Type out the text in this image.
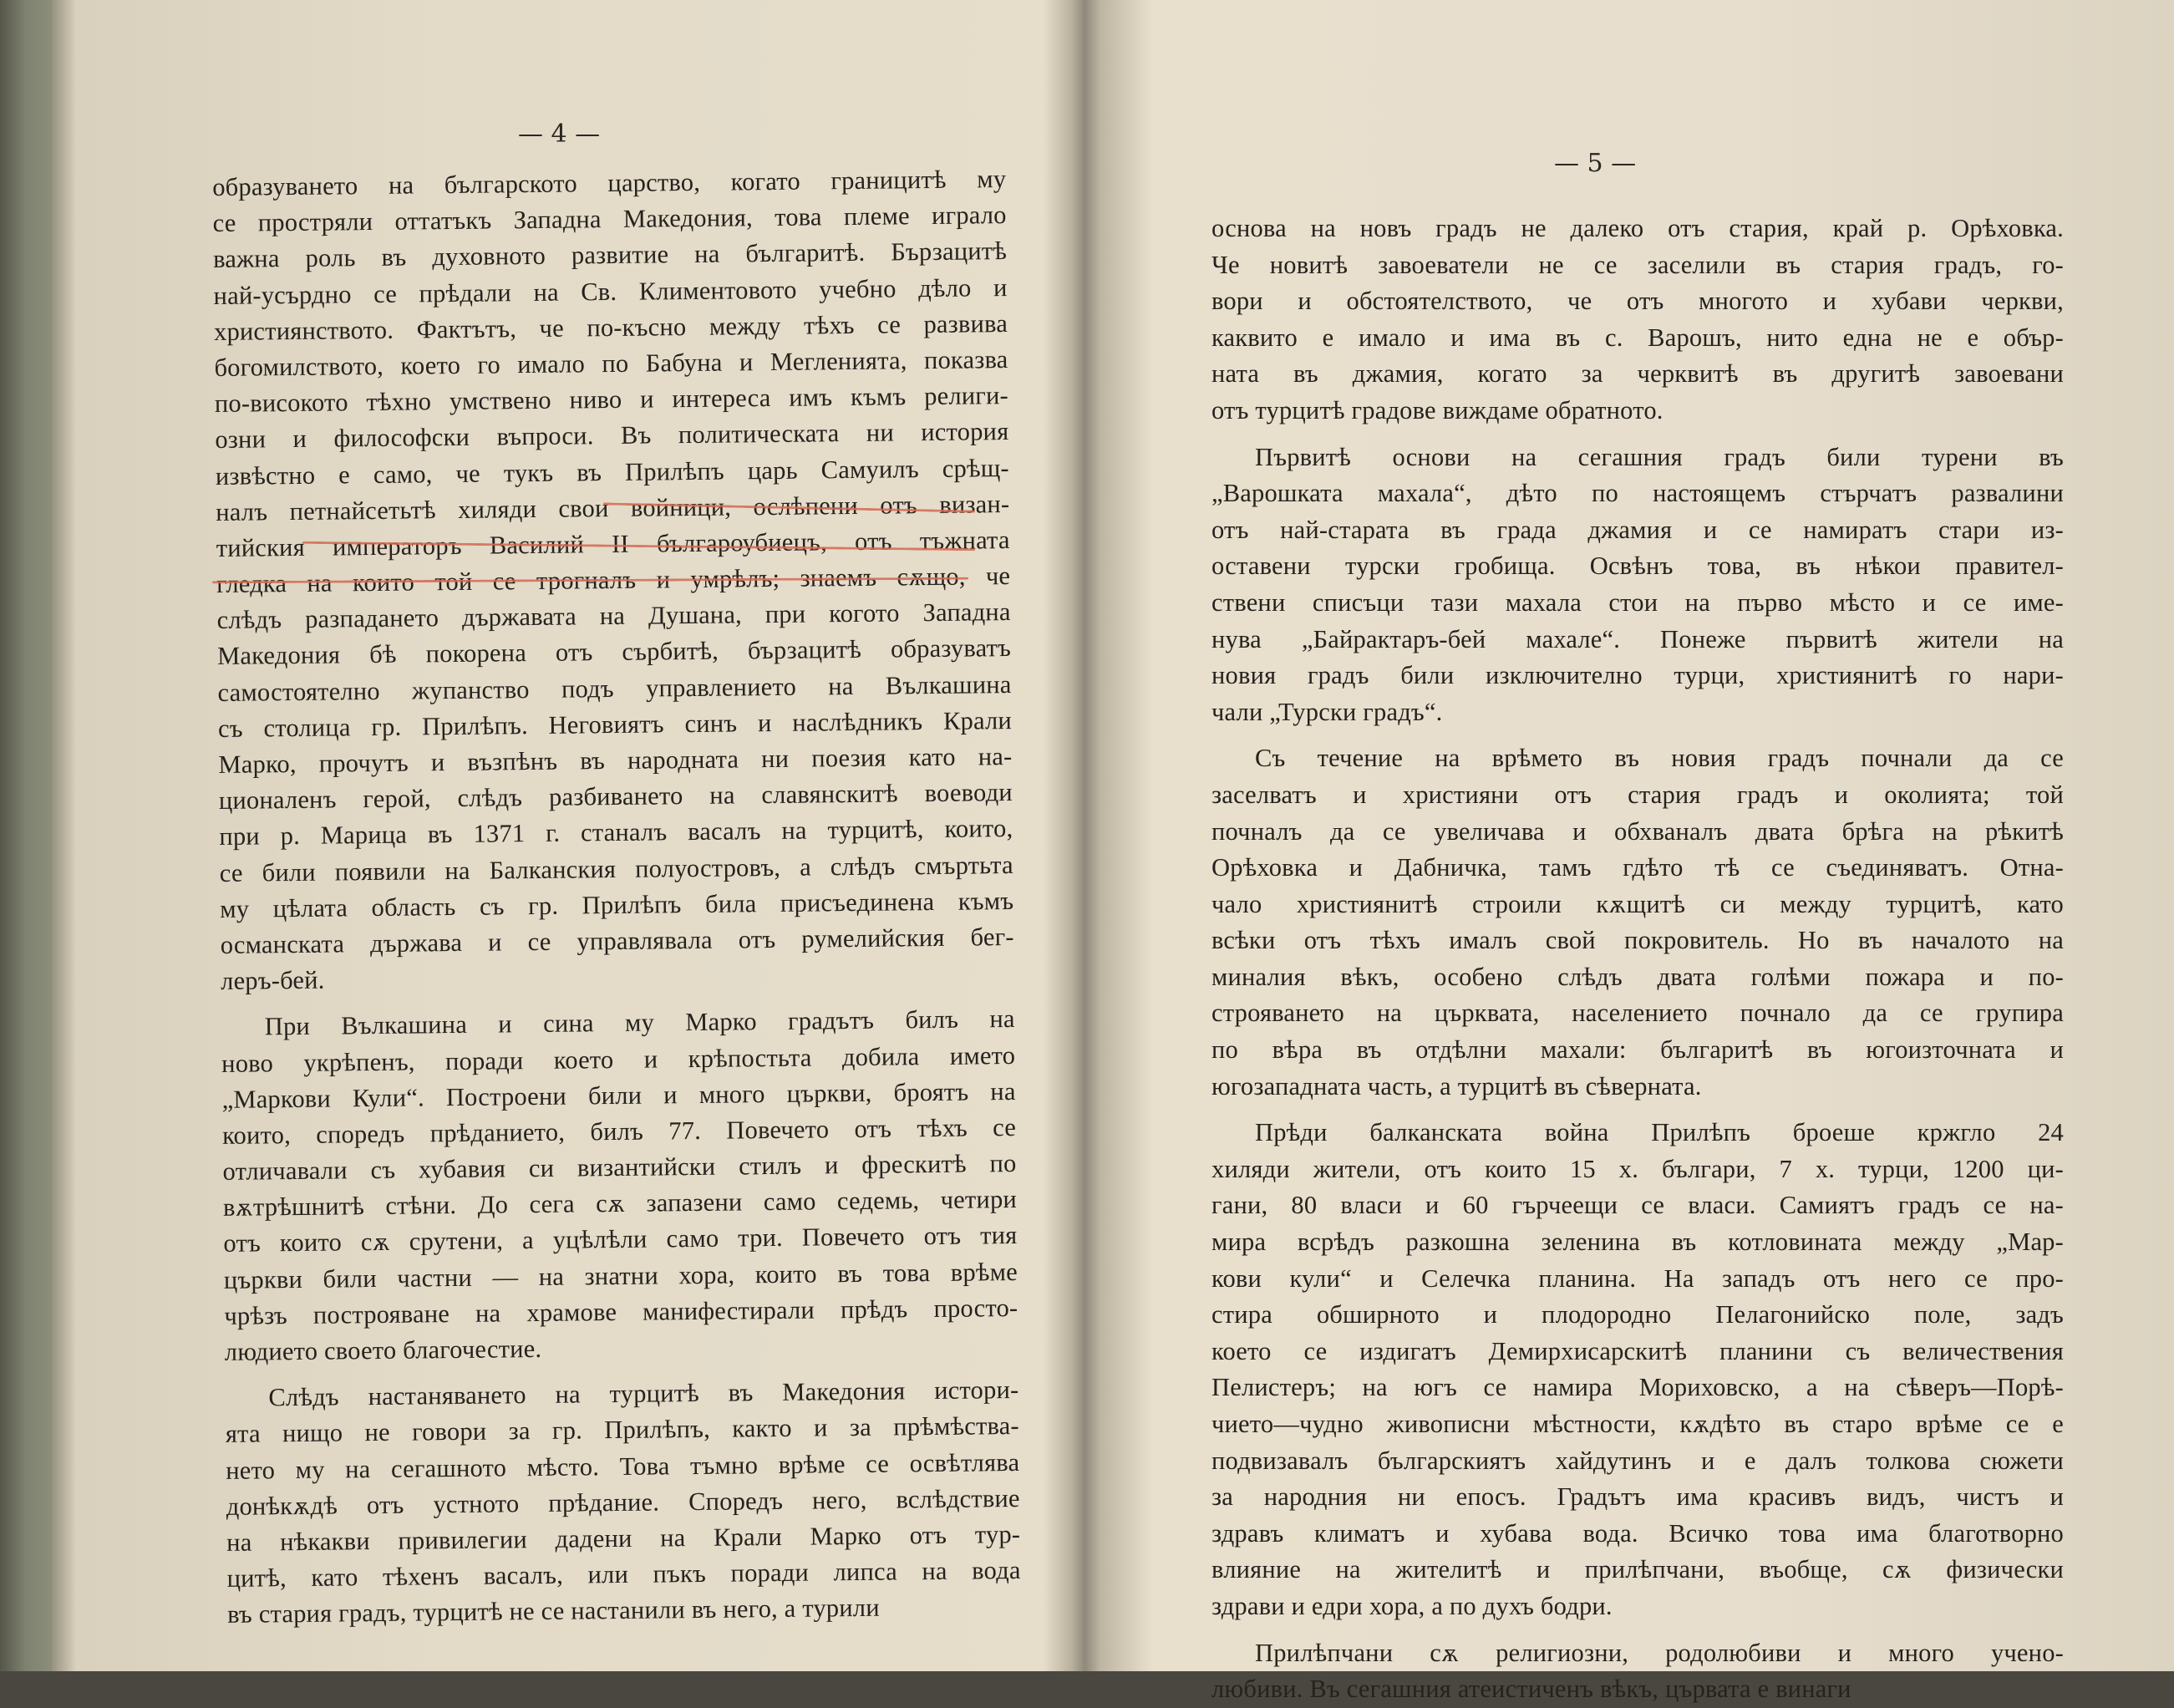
— 4 —
образуването на българското царство, когато границитѣ му
се простряли оттатъкъ Западна Македония, това племе играло
важна роль въ духовното развитие на българитѣ. Бързацитѣ
най-усърдно се прѣдали на Св. Климентовото учебно дѣло и
християнството. Фактътъ, че по-късно между тѣхъ се развива
богомилството, което го имало по Бабуна и Мегленията, показва
по-високото тѣхно умствено ниво и интереса имъ къмъ религи-
озни и философски въпроси. Въ политическата ни история
извѣстно е само, че тукъ въ Прилѣпъ царь Самуилъ срѣщ-
налъ петнайсетьтѣ хиляди свои войници, ослѣпени отъ визан-
тийския императоръ Василий II българоубиецъ, отъ тъжната
гледка на които той се трогналъ и умрѣлъ; знаемъ сѫщо, че
слѣдъ разпадането държавата на Душана, при когото Западна
Македония бѣ покорена отъ сърбитѣ, бързацитѣ образуватъ
самостоятелно жупанство подъ управлението на Вълкашина
съ столица гр. Прилѣпъ. Неговиятъ синъ и наслѣдникъ Крали
Марко, прочутъ и възпѣнъ въ народната ни поезия като на-
ционаленъ герой, слѣдъ разбиването на славянскитѣ воеводи
при р. Марица въ 1371 г. станалъ васалъ на турцитѣ, които,
се били появили на Балканския полуостровъ, а слѣдъ смъртьта
му цѣлата область съ гр. Прилѣпъ била присъединена къмъ
османската държава и се управлявала отъ румелийския бег-
леръ-бей.
При Вълкашина и сина му Марко градътъ билъ на
ново укрѣпенъ, поради което и крѣпостьта добила името
„Маркови Кули“. Построени били и много църкви, броятъ на
които, споредъ прѣданието, билъ 77. Повечето отъ тѣхъ се
отличавали съ хубавия си византийски стилъ и фрескитѣ по
вѫтрѣшнитѣ стѣни. До сега сѫ запазени само седемь, четири
отъ които сѫ срутени, а уцѣлѣли само три. Повечето отъ тия
църкви били частни — на знатни хора, които въ това врѣме
чрѣзъ построяване на храмове манифестирали прѣдъ просто-
людието своето благочестие.
Слѣдъ настаняването на турцитѣ въ Македония истори-
ята нищо не говори за гр. Прилѣпъ, както и за прѣмѣства-
нето му на сегашното мѣсто. Това тъмно врѣме се освѣтлява
донѣкѫдѣ отъ устното прѣдание. Споредъ него, вслѣдствие
на нѣкакви привилегии дадени на Крали Марко отъ тур-
цитѣ, като тѣхенъ васалъ, или пъкъ поради липса на вода
въ стария градъ, турцитѣ не се настанили въ него, а турили
— 5 —
основа на новъ градъ не далеко отъ стария, край р. Орѣховка.
Че новитѣ завоеватели не се заселили въ стария градъ, го-
вори и обстоятелството, че отъ многото и хубави черкви,
каквито е имало и има въ с. Варошъ, нито една не е обър-
ната въ джамия, когато за черквитѣ въ другитѣ завоевани
отъ турцитѣ градове виждаме обратното.
Първитѣ основи на сегашния градъ били турени въ
„Варошката махала“, дѣто по настоящемъ стърчатъ развалини
отъ най-старата въ града джамия и се намиратъ стари из-
оставени турски гробища. Освѣнъ това, въ нѣкои правител-
ствени списъци тази махала стои на първо мѣсто и се име-
нува „Байрактаръ-бей махале“. Понеже първитѣ жители на
новия градъ били изключително турци, християнитѣ го нари-
чали „Турски градъ“.
Съ течение на врѣмето въ новия градъ почнали да се
заселватъ и християни отъ стария градъ и околията; той
почналъ да се увеличава и обхваналъ двата брѣга на рѣкитѣ
Орѣховка и Дабничка, тамъ гдѣто тѣ се съединяватъ. Отна-
чало християнитѣ строили кѫщитѣ си между турцитѣ, като
всѣки отъ тѣхъ ималъ свой покровитель. Но въ началото на
миналия вѣкъ, особено слѣдъ двата голѣми пожара и по-
строяването на църквата, населението почнало да се групира
по вѣра въ отдѣлни махали: българитѣ въ югоизточната и
югозападната часть, а турцитѣ въ сѣверната.
Прѣди балканската война Прилѣпъ броеше кржгло 24
хиляди жители, отъ които 15 х. българи, 7 х. турци, 1200 ци-
гани, 80 власи и 60 гърчеещи се власи. Самиятъ градъ се на-
мира всрѣдъ разкошна зеленина въ котловината между „Мар-
кови кули“ и Селечка планина. На западъ отъ него се про-
стира обширното и плодородно Пелагонийско поле, задъ
което се издигатъ Демирхисарскитѣ планини съ величествения
Пелистеръ; на югъ се намира Мориховско, а на сѣверъ—Порѣ-
чието—чудно живописни мѣстности, кѫдѣто въ старо врѣме се е
подвизавалъ българскиятъ хайдутинъ и е далъ толкова сюжети
за народния ни епосъ. Градътъ има красивъ видъ, чистъ и
здравъ климатъ и хубава вода. Всичко това има благотворно
влияние на жителитѣ и прилѣпчани, въобще, сѫ физически
здрави и едри хора, а по духъ бодри.
Прилѣпчани сѫ религиозни, родолюбиви и много учено-
любиви. Въ сегашния атеистиченъ вѣкъ, цървата е винаги
